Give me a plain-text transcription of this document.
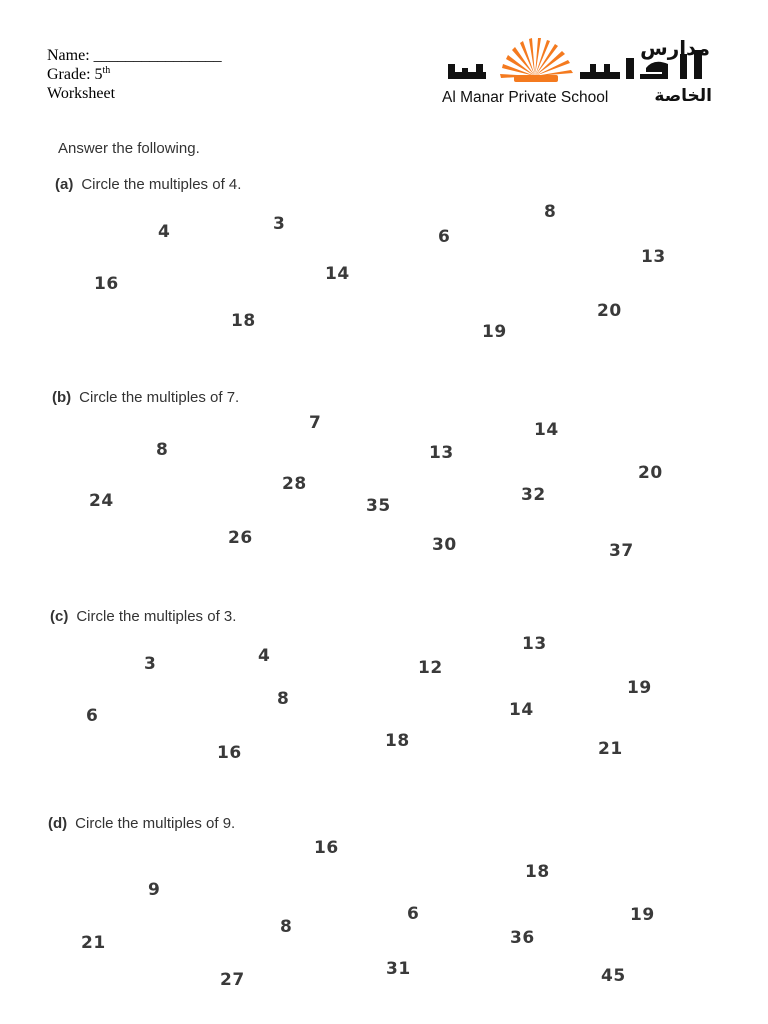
Name: ________________
Grade: 5th
Worksheet
مدارس
Al Manar Private School	الخاصة
Answer the following.
(a) Circle the multiples of 4.
4	3
6
8
16	14
13
18	20
19
(b) Circle the multiples of 7.
7	14
8	13
20
24
28
35
32
26	30	37
(c) Circle the multiples of 3.
3	4
12
13
8
19
6	14
16
18	21
(d) Circle the multiples of 9.
16
18
9
6	19
21
8
36
31
27	45
